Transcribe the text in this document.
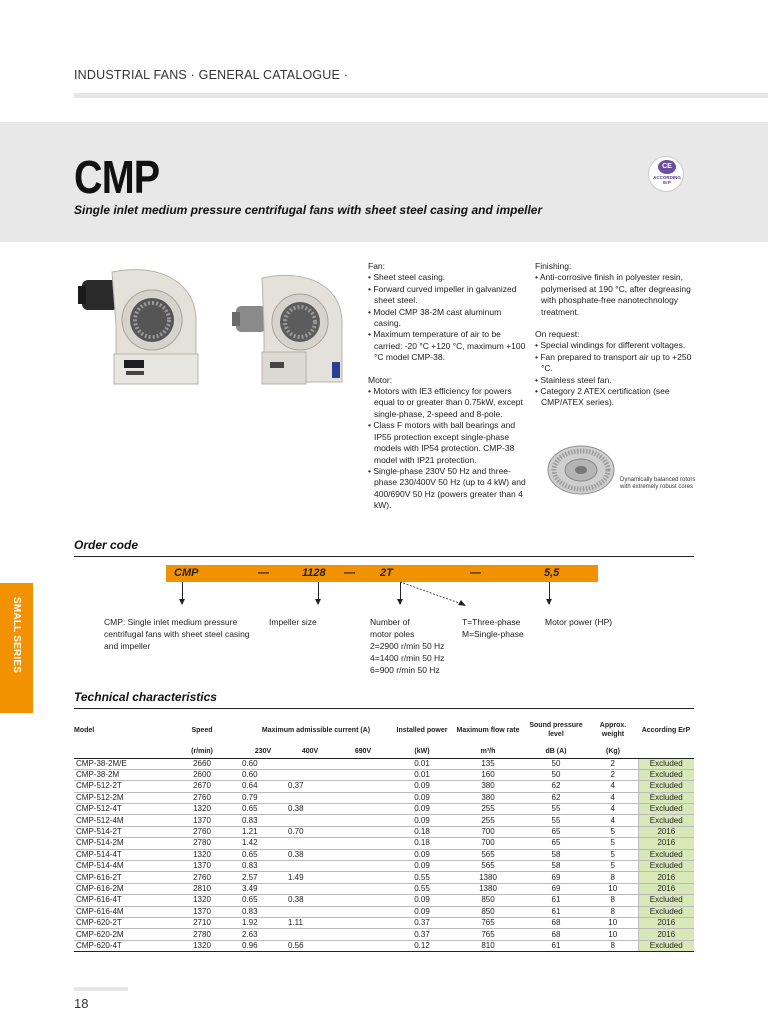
INDUSTRIAL FANS · GENERAL CATALOGUE ·
CMP
Single inlet medium pressure centrifugal fans with sheet steel casing and impeller
CE
ACCORDING ErP
Fan:
• Sheet steel casing.
• Forward curved impeller in galvanized sheet steel.
• Model CMP 38-2M cast aluminum casing.
• Maximum temperature of air to be carried: -20 °C +120 °C, maximum +100 °C model CMP-38.
Motor:
• Motors with IE3 efficiency for powers equal to or greater than 0.75kW, except single-phase, 2-speed and 8-pole.
• Class F motors with ball bearings and IP55 protection except single-phase models with IP54 protection. CMP-38 model with IP21 protection.
• Single-phase 230V 50 Hz and three-phase 230/400V 50 Hz (up to 4 kW) and 400/690V 50 Hz (powers greater than 4 kW).
Finishing:
• Anti-corrosive finish in polyester resin, polymerised at 190 °C, after degreasing with phosphate-free nanotechnology treatment.
On request:
• Special windings for different voltages.
• Fan prepared to transport air up to +250 °C.
• Stainless steel fan.
• Category 2 ATEX certification (see CMP/ATEX series).
Dynamically balanced rotors with extremely robust cores
Order code
CMP	—	1128 — 2T	—	5,5
CMP: Single inlet medium pressure centrifugal fans with sheet steel casing and impeller
Impeller size	Number of
motor poles
2=2900 r/min 50 Hz
4=1400 r/min 50 Hz
6=900 r/min 50 Hz
T=Three-phase
M=Single-phase
Motor power (HP)
SMALL SERIES
Technical characteristics
Model	Speed	Maximum admissible current (A)			Installed power	Maximum flow rate	Sound pressure level	Approx. weight	According ErP
	(r/min)	230V	400V	690V	(kW)	m³/h	dB (A)	(Kg)	
CMP-38-2M/E	2660	0.60			0.01	135	50	2	Excluded
CMP-38-2M	2600	0.60			0.01	160	50	2	Excluded
CMP-512-2T	2670	0.64	0.37		0.09	380	62	4	Excluded
CMP-512-2M	2760	0.79			0.09	380	62	4	Excluded
CMP-512-4T	1320	0.65	0.38		0.09	255	55	4	Excluded
CMP-512-4M	1370	0.83			0.09	255	55	4	Excluded
CMP-514-2T	2760	1.21	0.70		0.18	700	65	5	2016
CMP-514-2M	2780	1.42			0.18	700	65	5	2016
CMP-514-4T	1320	0.65	0.38		0.09	565	58	5	Excluded
CMP-514-4M	1370	0.83			0.09	565	58	5	Excluded
CMP-616-2T	2760	2.57	1.49		0.55	1380	69	8	2016
CMP-616-2M	2810	3.49			0.55	1380	69	10	2016
CMP-616-4T	1320	0.65	0.38		0.09	850	61	8	Excluded
CMP-616-4M	1370	0.83			0.09	850	61	8	Excluded
CMP-620-2T	2710	1.92	1.11		0.37	765	68	10	2016
CMP-620-2M	2780	2.63			0.37	765	68	10	2016
CMP-620-4T	1320	0.96	0.56		0.12	810	61	8	Excluded
18
